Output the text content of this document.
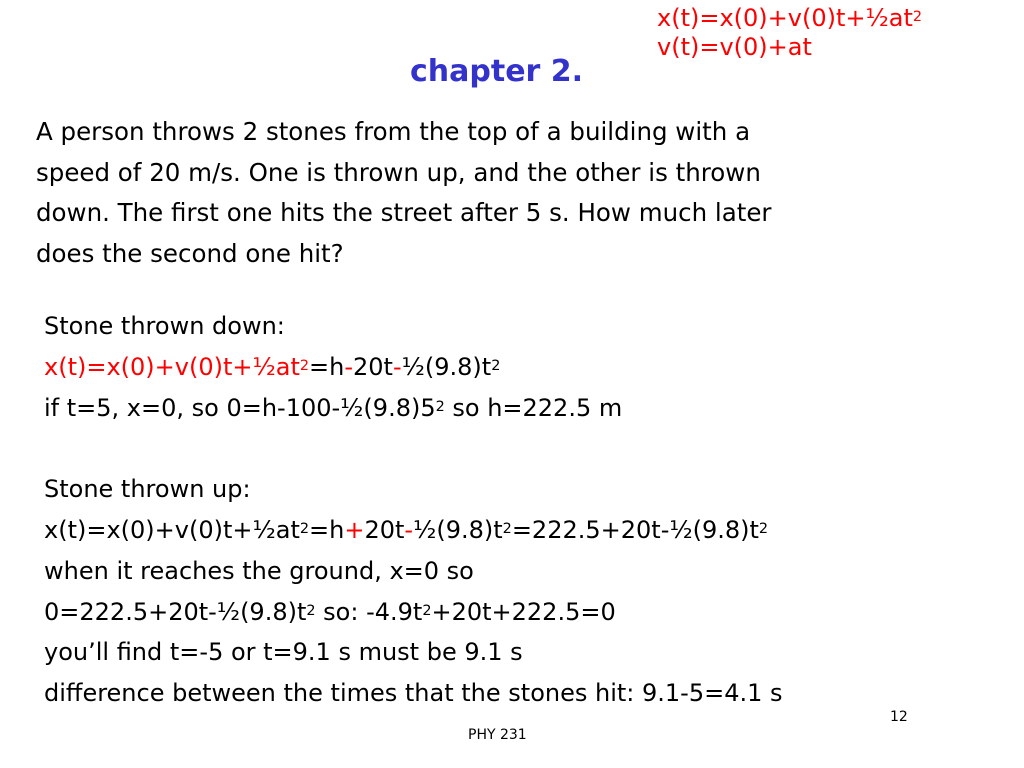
$x(t)=x(0)+v(0)t+\frac{1}{2}at^2$
v(t)=v(0)+at
chapter 2.
A person throws 2 stones from the top of a building with a
speed of 20 m/s. One is thrown up, and the other is thrown
down. The first one hits the street after 5 s. How much later
does the second one hit?
Stone thrown down:
$x(t)=x(0)+v(0)t+\frac{1}{2}at^2=h-20t-\frac{1}{2}(9.8)t^2$
if t=5, x=0, so $0=h-100-\frac{1}{2}(9.8)5^2$ so h=222.5 m
Stone thrown up:
$x(t)=x(0)+v(0)t+\frac{1}{2}at^2=h+20t-\frac{1}{2}(9.8)t^2=222.5+20t-\frac{1}{2}(9.8)t^2$
when it reaches the ground, x=0 so
$0=222.5+20t-\frac{1}{2}(9.8)t^2$ so: $-4.9t^2+20t+222.5=0$
you’ll find t=-5 or t=9.1 s must be 9.1 s
difference between the times that the stones hit: 9.1-5=4.1 s
12
PHY 231
